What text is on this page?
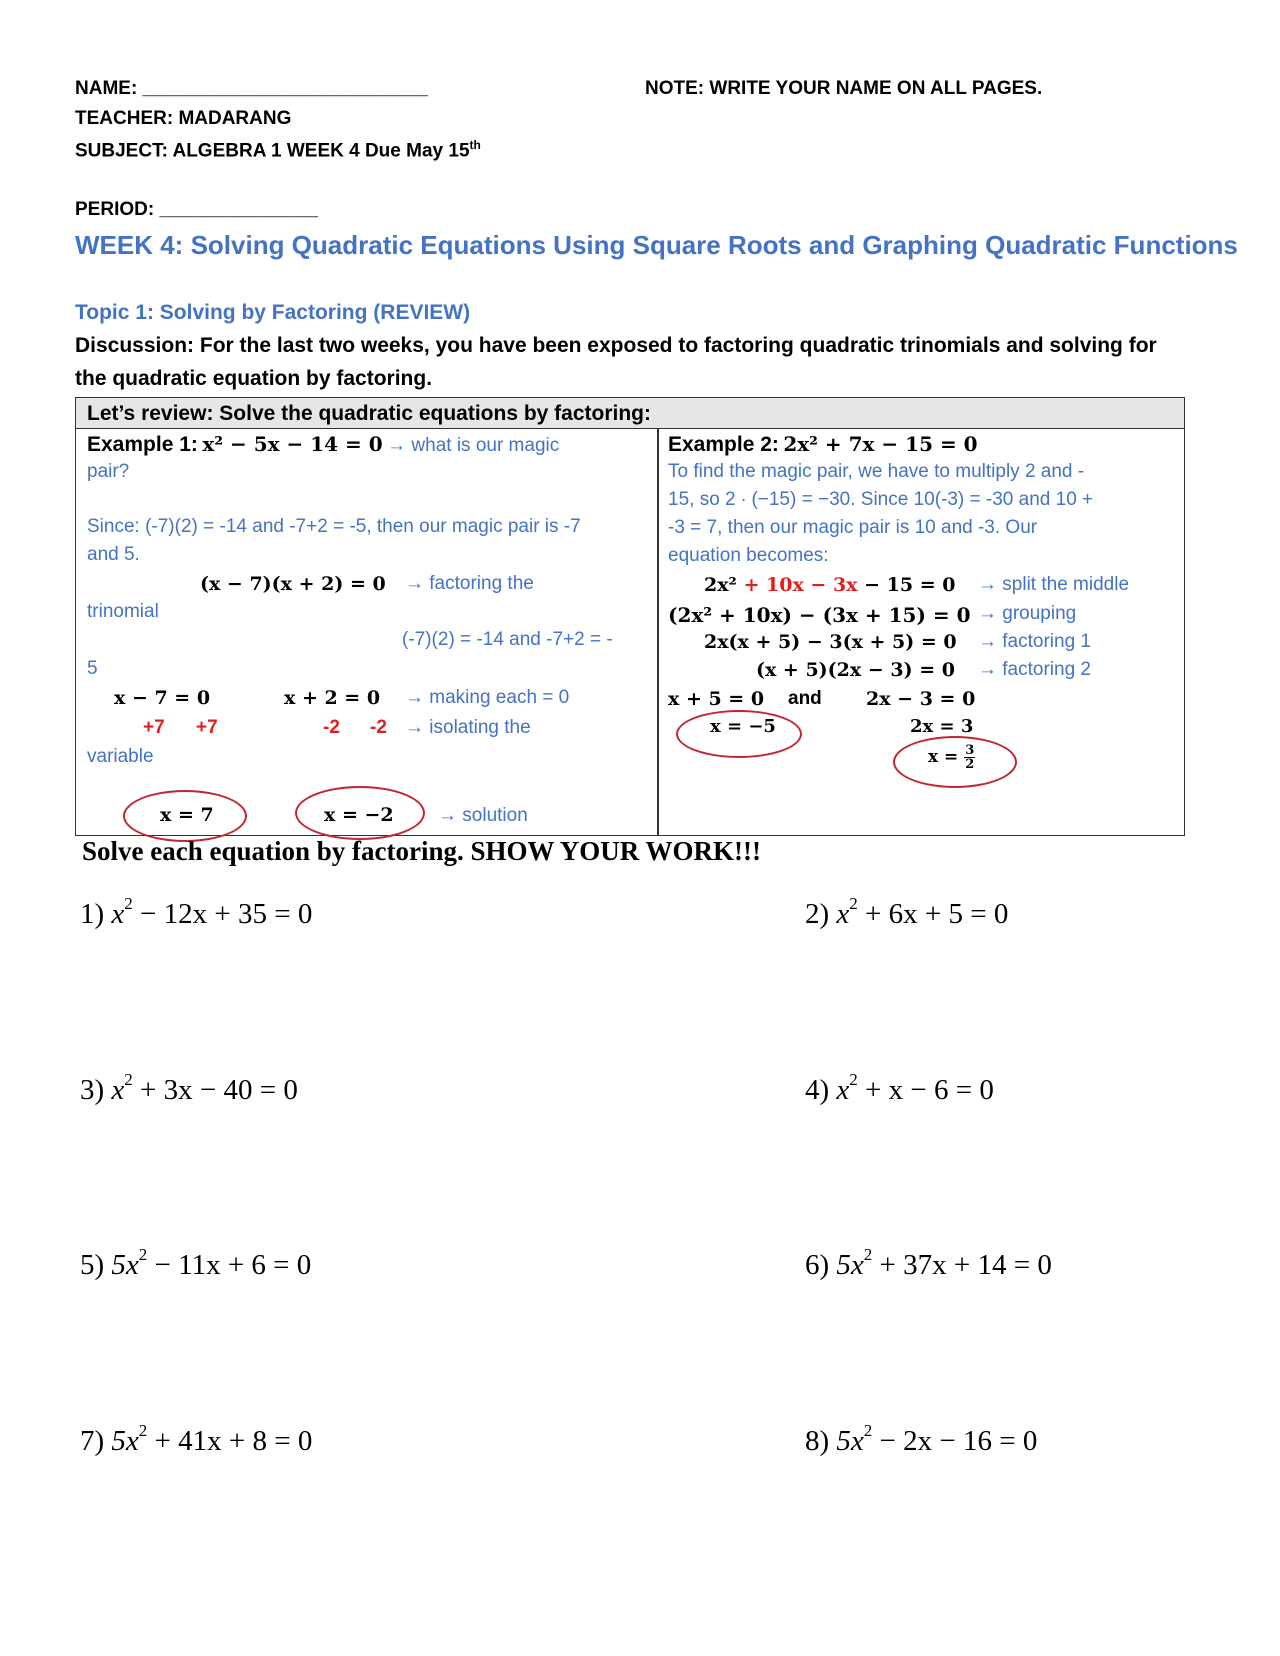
NAME: ___________________________	NOTE: WRITE YOUR NAME ON ALL PAGES.
TEACHER: MADARANG
SUBJECT: ALGEBRA 1 WEEK 4 Due May 15th
PERIOD: _______________
WEEK 4: Solving Quadratic Equations Using Square Roots and Graphing Quadratic Functions
Topic 1: Solving by Factoring (REVIEW)
Discussion: For the last two weeks, you have been exposed to factoring quadratic trinomials and solving for
the quadratic equation by factoring.
Let’s review: Solve the quadratic equations by factoring:
Example 1: x² − 5x − 14 = 0 → what is our magic
pair?
Since: (-7)(2) = -14 and -7+2 = -5, then our magic pair is -7
and 5.
(x − 7)(x + 2) = 0 → factoring the
trinomial
(-7)(2) = -14 and -7+2 = -
5
x − 7 = 0	x + 2 = 0 → making each = 0
+7 +7	-2 -2 → isolating the
variable
x = 7	x = −2 → solution
Example 2: 2x² + 7x − 15 = 0
To find the magic pair, we have to multiply 2 and -
15, so 2 ∙ (−15) = −30. Since 10(-3) = -30 and 10 +
-3 = 7, then our magic pair is 10 and -3. Our
equation becomes:
2x² + 10x − 3x − 15 = 0 → split the middle
(2x² + 10x) − (3x + 15) = 0 → grouping
2x(x + 5) − 3(x + 5) = 0 → factoring 1
(x + 5)(2x − 3) = 0 → factoring 2
x + 5 = 0 and 2x − 3 = 0
x = −5	2x = 3
$x = \frac{3}{2}$
Solve each equation by factoring. SHOW YOUR WORK!!!
1) $x^2 - 12x + 35 = 0$	2) $x^2 + 6x + 5 = 0$
3) $x^2 + 3x - 40 = 0$	4) $x^2 + x - 6 = 0$
5) $5x^2 - 11x + 6 = 0$	6) $5x^2 + 37x + 14 = 0$
7) $5x^2 + 41x + 8 = 0$	8) $5x^2 - 2x - 16 = 0$
